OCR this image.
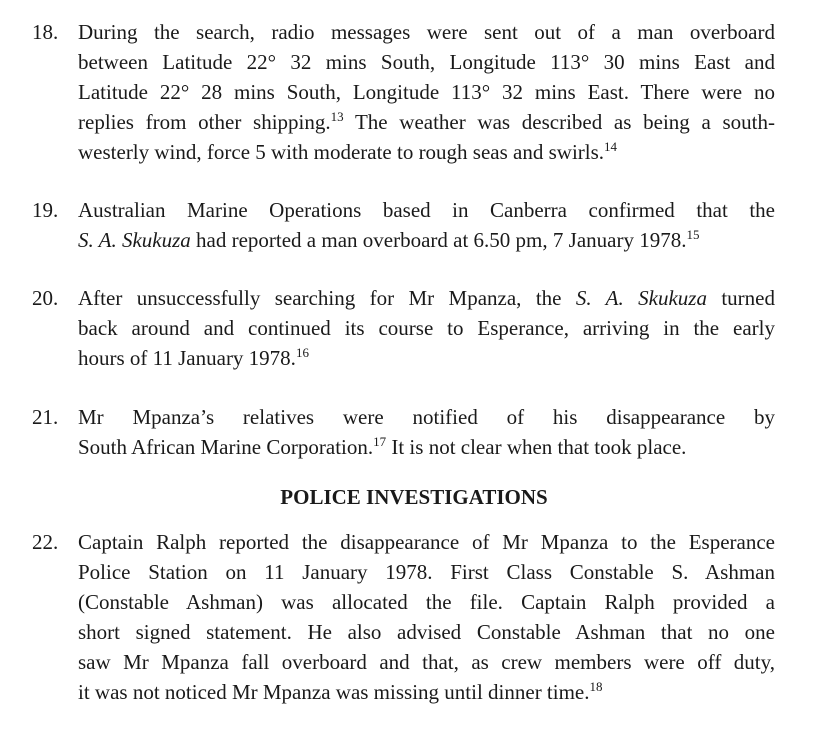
18. During the search, radio messages were sent out of a man overboard
between Latitude 22° 32 mins South, Longitude 113° 30 mins East and
Latitude 22° 28 mins South, Longitude 113° 32 mins East. There were no
replies from other shipping.$^{13}$ The weather was described as being a south-
westerly wind, force 5 with moderate to rough seas and swirls.$^{14}$
19. Australian Marine Operations based in Canberra confirmed that the
S. A. Skukuza had reported a man overboard at 6.50 pm, 7 January 1978.15
20. After unsuccessfully searching for Mr Mpanza, the S. A. Skukuza turned
back around and continued its course to Esperance, arriving in the early
hours of 11 January 1978.16
21. Mr Mpanza’s relatives were notified of his disappearance by
South African Marine Corporation.$^{17}$ It is not clear when that took place.
POLICE INVESTIGATIONS
22. Captain Ralph reported the disappearance of Mr Mpanza to the Esperance
Police Station on 11 January 1978. First Class Constable S. Ashman
(Constable Ashman) was allocated the file. Captain Ralph provided a
short signed statement. He also advised Constable Ashman that no one
saw Mr Mpanza fall overboard and that, as crew members were off duty,
it was not noticed Mr Mpanza was missing until dinner time.$^{18}$
